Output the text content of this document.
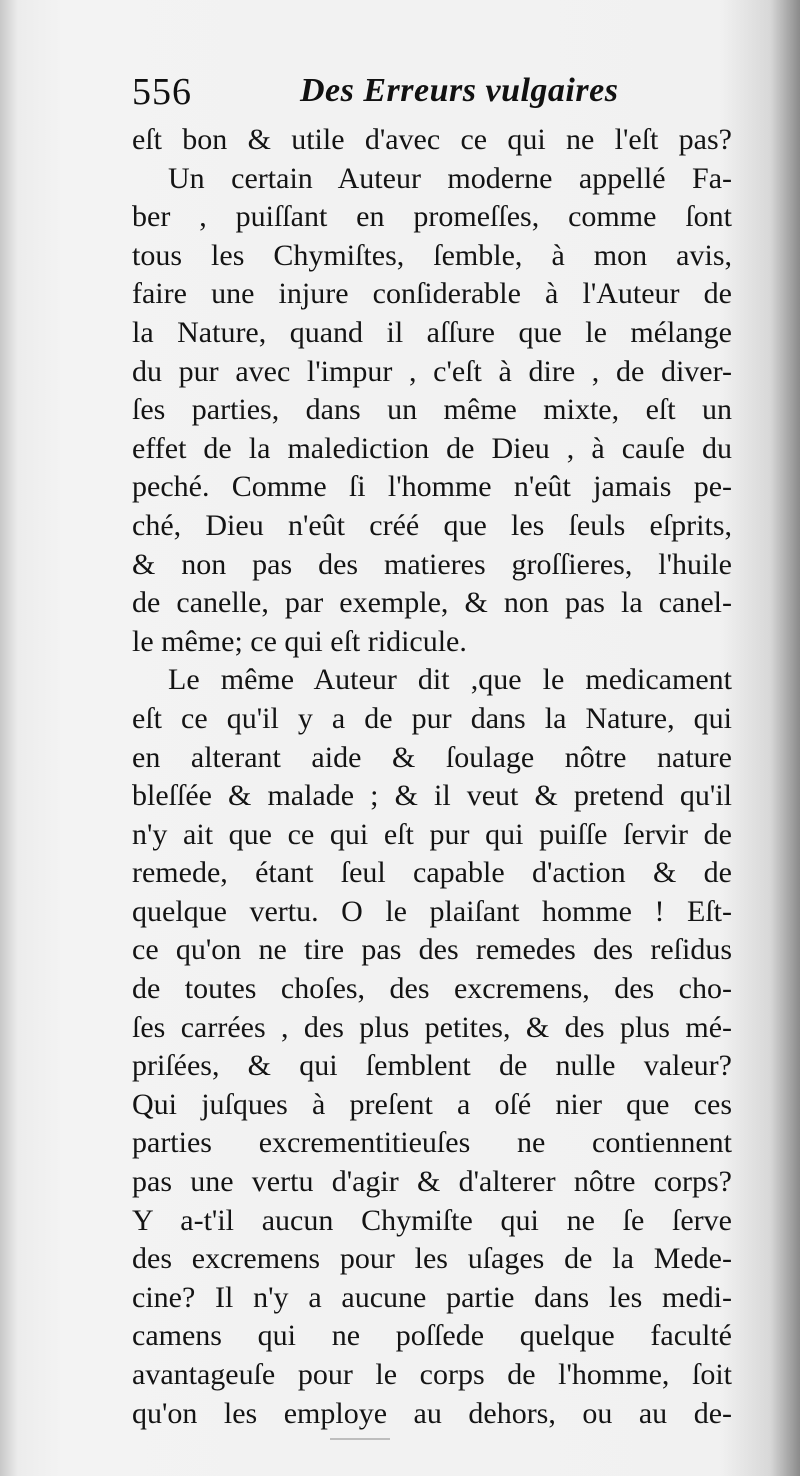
556	Des Erreurs vulgaires
eſt bon & utile d'avec ce qui ne l'eſt pas?
Un certain Auteur moderne appellé Fa-
ber , puiſſant en promeſſes, comme ſont
tous les Chymiſtes, ſemble, à mon avis,
faire une injure conſiderable à l'Auteur de
la Nature, quand il aſſure que le mélange
du pur avec l'impur , c'eſt à dire , de diver-
ſes parties, dans un même mixte, eſt un
effet de la malediction de Dieu , à cauſe du
peché. Comme ſi l'homme n'eût jamais pe-
ché, Dieu n'eût créé que les ſeuls eſprits,
& non pas des matieres groſſieres, l'huile
de canelle, par exemple, & non pas la canel-
le même; ce qui eſt ridicule.
Le même Auteur dit ,que le medicament
eſt ce qu'il y a de pur dans la Nature, qui
en alterant aide & ſoulage nôtre nature
bleſſée & malade ; & il veut & pretend qu'il
n'y ait que ce qui eſt pur qui puiſſe ſervir de
remede, étant ſeul capable d'action & de
quelque vertu. O le plaiſant homme ! Eſt-
ce qu'on ne tire pas des remedes des reſidus
de toutes choſes, des excremens, des cho-
ſes carrées , des plus petites, & des plus mé-
priſées, & qui ſemblent de nulle valeur?
Qui juſques à preſent a oſé nier que ces
parties excrementitieuſes ne contiennent
pas une vertu d'agir & d'alterer nôtre corps?
Y a-t'il aucun Chymiſte qui ne ſe ſerve
des excremens pour les uſages de la Mede-
cine? Il n'y a aucune partie dans les medi-
camens qui ne poſſede quelque faculté
avantageuſe pour le corps de l'homme, ſoit
qu'on les employe au dehors, ou au de-
